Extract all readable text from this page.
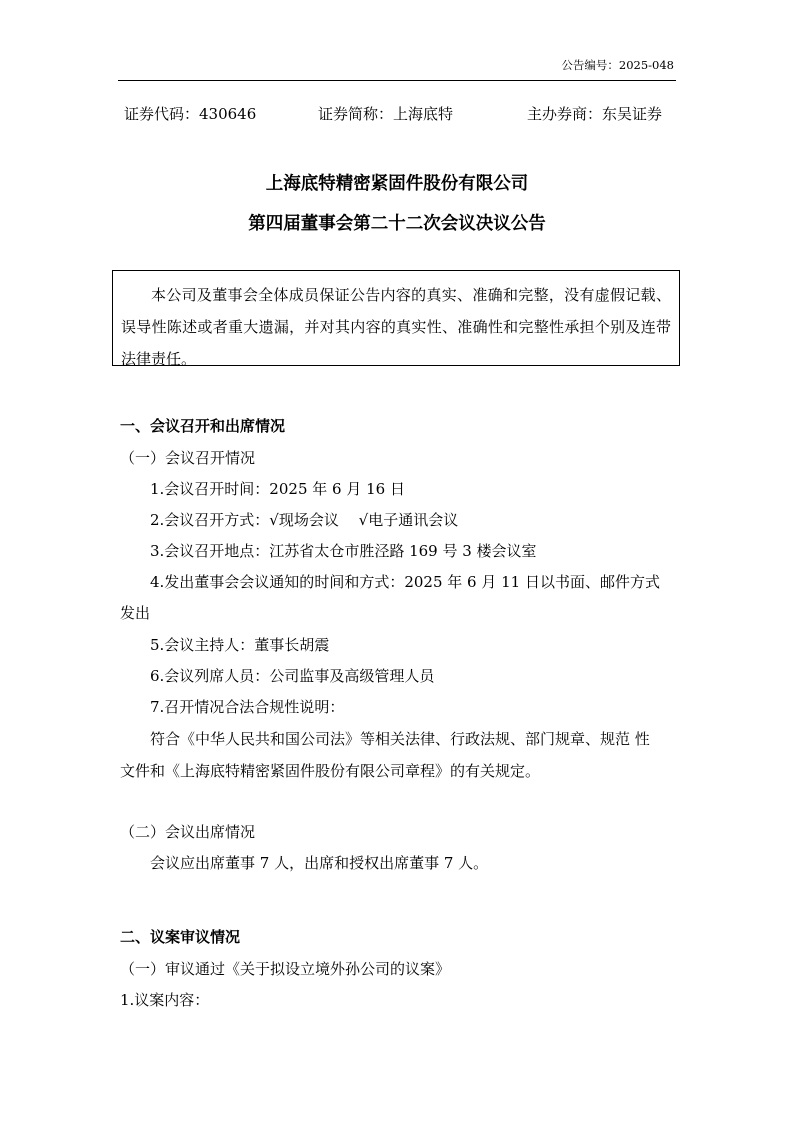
公告编号：2025-048
证券代码：430646	证券简称：上海底特	主办券商：东吴证券
上海底特精密紧固件股份有限公司
第四届董事会第二十二次会议决议公告
本公司及董事会全体成员保证公告内容的真实、准确和完整，没有虚假记载、误导性陈述或者重大遗漏，并对其内容的真实性、准确性和完整性承担个别及连带法律责任。
一、会议召开和出席情况
（一）会议召开情况
1.会议召开时间：2025 年 6 月 16 日
2.会议召开方式：√现场会议　 √电子通讯会议
3.会议召开地点：江苏省太仓市胜泾路 169 号 3 楼会议室
4.发出董事会会议通知的时间和方式：2025 年 6 月 11 日以书面、邮件方式
发出
5.会议主持人：董事长胡震
6.会议列席人员：公司监事及高级管理人员
7.召开情况合法合规性说明：
符合《中华人民共和国公司法》等相关法律、行政法规、部门规章、规范 性
文件和《上海底特精密紧固件股份有限公司章程》的有关规定。
（二）会议出席情况
会议应出席董事 7 人，出席和授权出席董事 7 人。
二、议案审议情况
（一）审议通过《关于拟设立境外孙公司的议案》
1.议案内容：
